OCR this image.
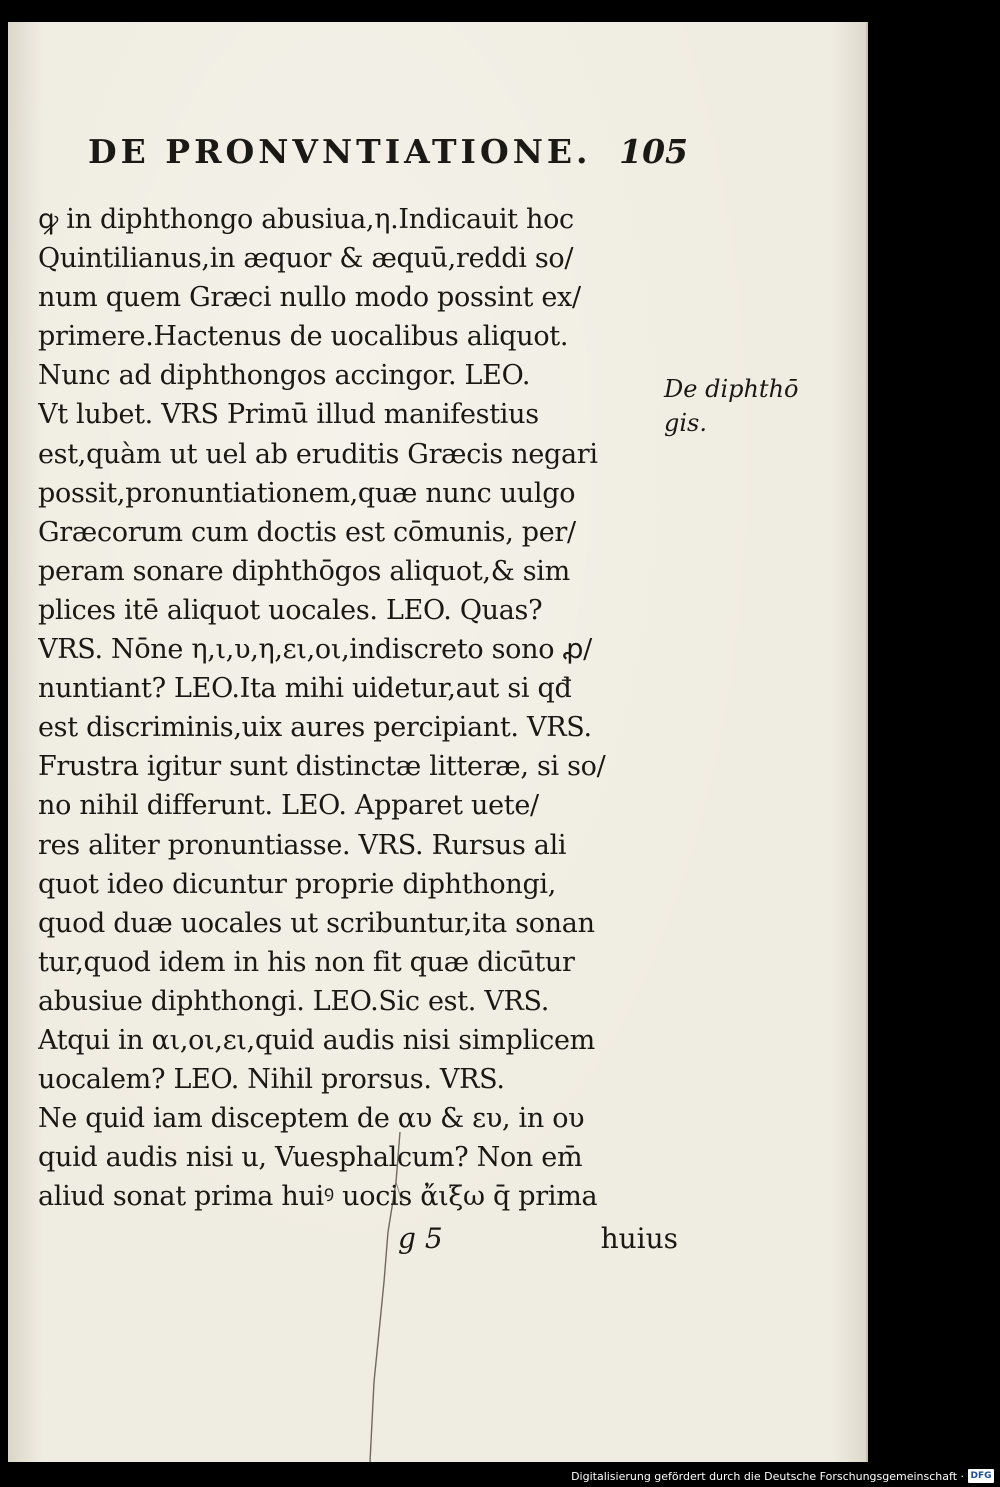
DE PRONVNTIATIONE. 105
ꝙ in diphthongo abusiua,η.Indicauit hoc
Quintilianus,in æquor & æquū,reddi so/
num quem Græci nullo modo possint ex/
primere.Hactenus de uocalibus aliquot.
Nunc ad diphthongos accingor. LEO.
Vt lubet. VRS Primū illud manifestius
est,quàm ut uel ab eruditis Græcis negari
possit,pronuntiationem,quæ nunc uulgo
Græcorum cum doctis est cōmunis, per/
peram sonare diphthōgos aliquot,& sim
plices itē aliquot uocales. LEO. Quas?
VRS. Nōne η,ι,υ,η,ει,οι,indiscreto sono ꝓ/
nuntiant? LEO.Ita mihi uidetur,aut si qđ
est discriminis,uix aures percipiant. VRS.
Frustra igitur sunt distinctæ litteræ, si so/
no nihil differunt. LEO. Apparet uete/
res aliter pronuntiasse. VRS. Rursus ali
quot ideo dicuntur proprie diphthongi,
quod duæ uocales ut scribuntur,ita sonan
tur,quod idem in his non fit quæ dicūtur
abusiue diphthongi. LEO.Sic est. VRS.
Atqui in αι,οι,ει,quid audis nisi simplicem
uocalem? LEO. Nihil prorsus. VRS.
Ne quid iam disceptem de αυ & ευ, in ου
quid audis nisi u, Vuesphalcum? Non em̄
aliud sonat prima huiꝰ uocis ἄιξω q̄ prima
De diphthō
gis.
g 5	huius
Digitalisierung gefördert durch die Deutsche Forschungsgemeinschaft · DFG
